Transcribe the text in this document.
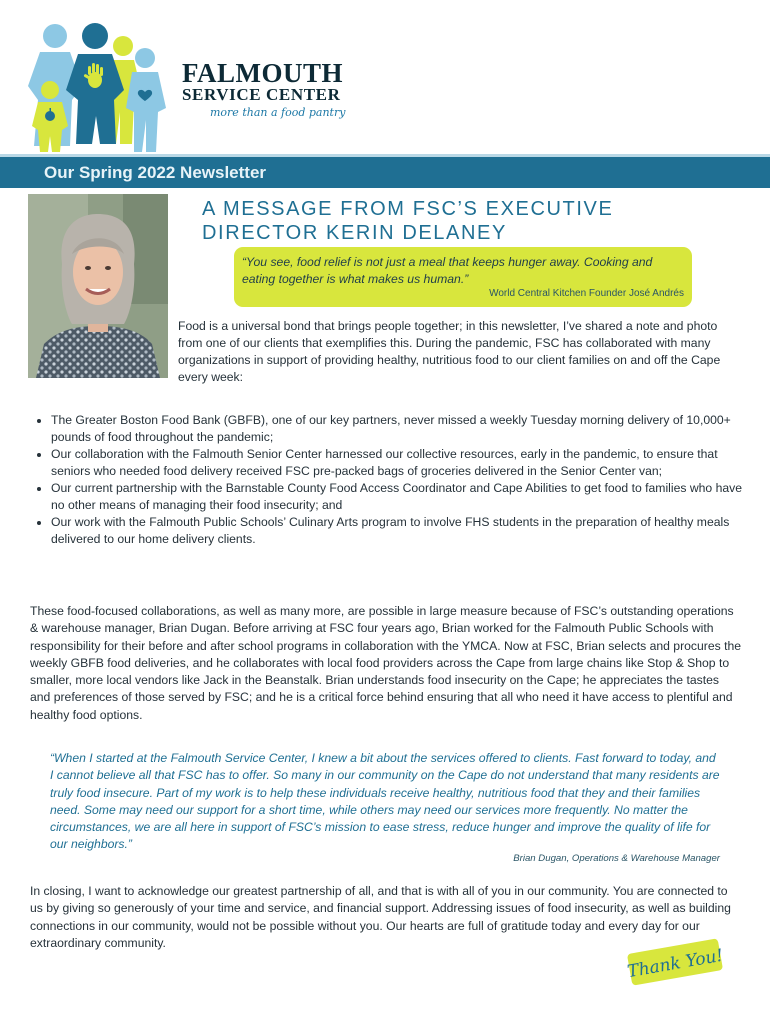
FALMOUTH
SERVICE CENTER
more than a food pantry
Our Spring 2022 Newsletter
A MESSAGE FROM FSC’S EXECUTIVE
DIRECTOR KERIN DELANEY
“You see, food relief is not just a meal that keeps hunger away. Cooking and eating together is what makes us human.”
World Central Kitchen Founder José Andrés

Food is a universal bond that brings people together; in this newsletter, I’ve shared a note and photo from one of our clients that exemplifies this. During the pandemic, FSC has collaborated with many organizations in support of providing healthy, nutritious food to our client families on and off the Cape every week:

• The Greater Boston Food Bank (GBFB), one of our key partners, never missed a weekly Tuesday morning delivery of 10,000+ pounds of food throughout the pandemic;
• Our collaboration with the Falmouth Senior Center harnessed our collective resources, early in the pandemic, to ensure that seniors who needed food delivery received FSC pre-packed bags of groceries delivered in the Senior Center van;
• Our current partnership with the Barnstable County Food Access Coordinator and Cape Abilities to get food to families who have no other means of managing their food insecurity; and
• Our work with the Falmouth Public Schools’ Culinary Arts program to involve FHS students in the preparation of healthy meals delivered to our home delivery clients.

These food-focused collaborations, as well as many more, are possible in large measure because of FSC’s outstanding operations & warehouse manager, Brian Dugan. Before arriving at FSC four years ago, Brian worked for the Falmouth Public Schools with responsibility for their before and after school programs in collaboration with the YMCA. Now at FSC, Brian selects and procures the weekly GBFB food deliveries, and he collaborates with local food providers across the Cape from large chains like Stop & Shop to smaller, more local vendors like Jack in the Beanstalk. Brian understands food insecurity on the Cape; he appreciates the tastes and preferences of those served by FSC; and he is a critical force behind ensuring that all who need it have access to plentiful and healthy food options.

“When I started at the Falmouth Service Center, I knew a bit about the services offered to clients. Fast forward to today, and I cannot believe all that FSC has to offer. So many in our community on the Cape do not understand that many residents are truly food insecure. Part of my work is to help these individuals receive healthy, nutritious food that they and their families need. Some may need our support for a short time, while others may need our services more frequently. No matter the circumstances, we are all here in support of FSC’s mission to ease stress, reduce hunger and improve the quality of life for our neighbors.”

Brian Dugan, Operations & Warehouse Manager

In closing, I want to acknowledge our greatest partnership of all, and that is with all of you in our community. You are connected to us by giving so generously of your time and service, and financial support. Addressing issues of food insecurity, as well as building connections in our community, would not be possible without you. Our hearts are full of gratitude today and every day for our extraordinary community.

Thank You!
